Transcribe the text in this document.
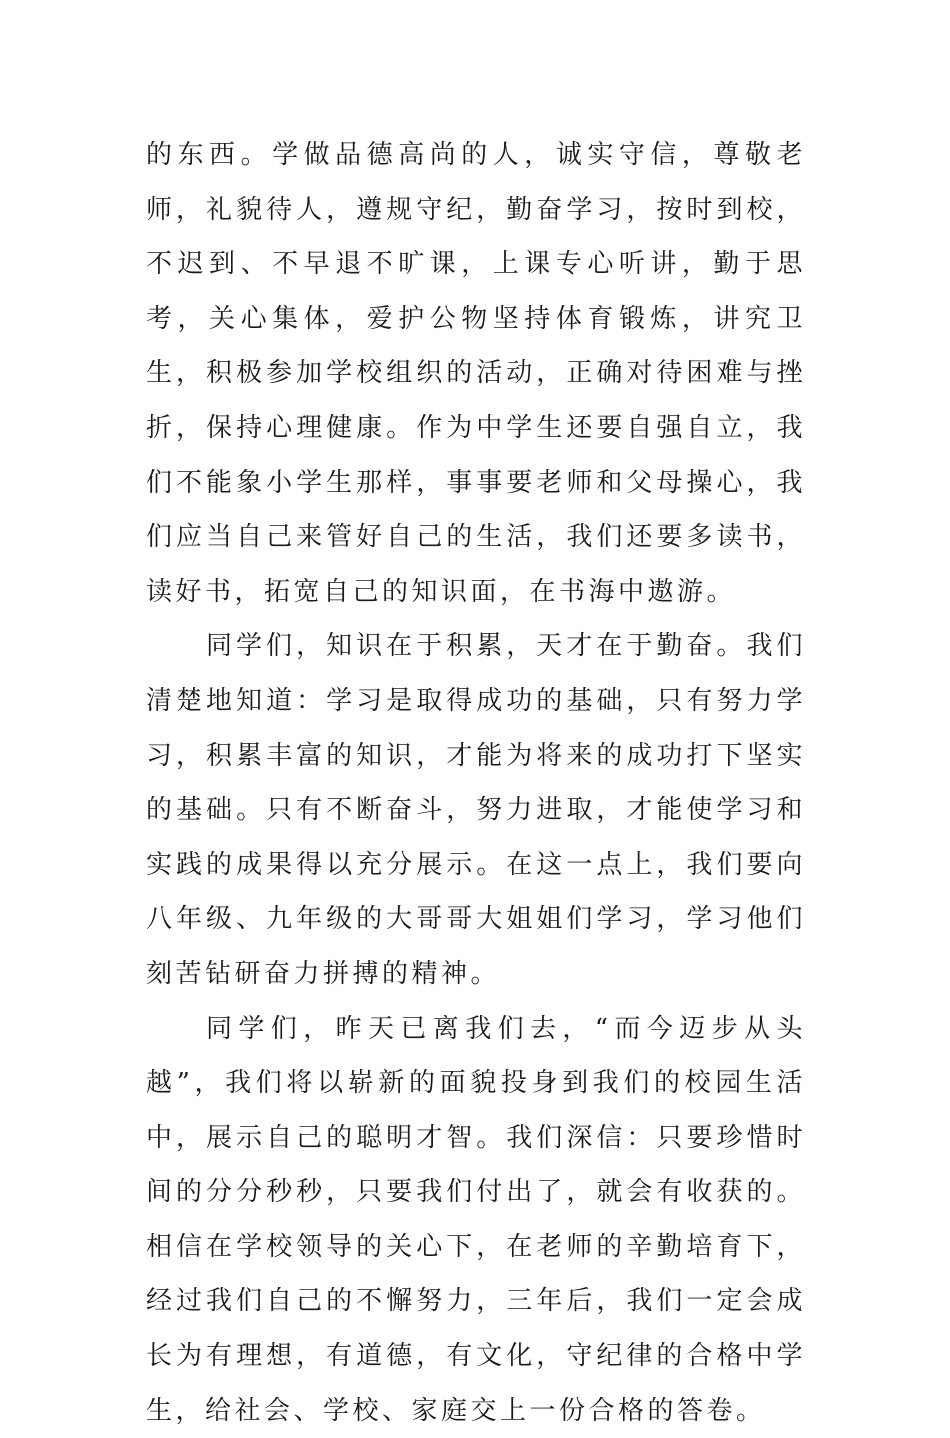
的东西。学做品德高尚的人，诚实守信，尊敬老师，礼貌待人，遵规守纪，勤奋学习，按时到校，不迟到、不早退不旷课，上课专心听讲，勤于思考，关心集体，爱护公物坚持体育锻炼，讲究卫生，积极参加学校组织的活动，正确对待困难与挫折，保持心理健康。作为中学生还要自强自立，我们不能象小学生那样，事事要老师和父母操心，我们应当自己来管好自己的生活，我们还要多读书，读好书，拓宽自己的知识面，在书海中遨游。

同学们，知识在于积累，天才在于勤奋。我们清楚地知道：学习是取得成功的基础，只有努力学习，积累丰富的知识，才能为将来的成功打下坚实的基础。只有不断奋斗，努力进取，才能使学习和实践的成果得以充分展示。在这一点上，我们要向八年级、九年级的大哥哥大姐姐们学习，学习他们刻苦钻研奋力拼搏的精神。

同学们，昨天已离我们去，“而今迈步从头越”，我们将以崭新的面貌投身到我们的校园生活中，展示自己的聪明才智。我们深信：只要珍惜时间的分分秒秒，只要我们付出了，就会有收获的。相信在学校领导的关心下，在老师的辛勤培育下，经过我们自己的不懈努力，三年后，我们一定会成长为有理想，有道德，有文化，守纪律的合格中学生，给社会、学校、家庭交上一份合格的答卷。
